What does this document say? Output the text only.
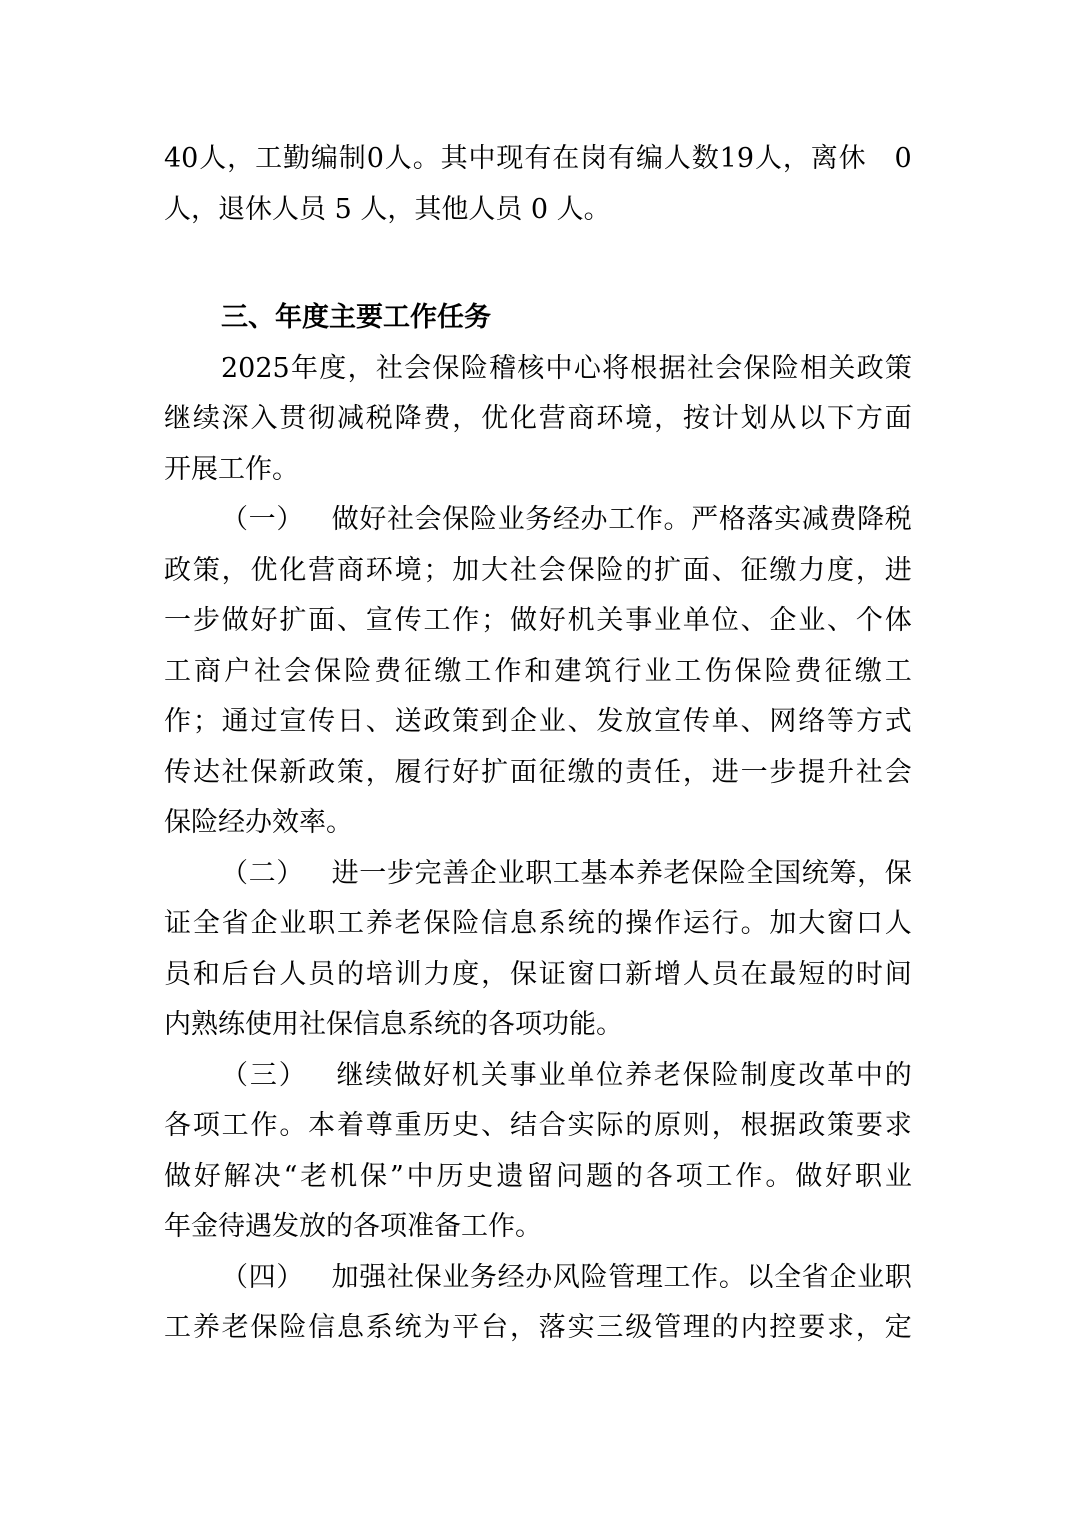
40 人 ， 工 勤 编 制 0 人 。 其 中 现 有 在 岗 有 编 人 数 19 人 ， 离 休
　 0
人，退休人员 5 人，其他人员 0 人。
三、年度主要工作任务
2025 年 度 ， 社 会 保 险 稽 核 中 心 将 根 据 社 会 保 险 相 关 政 策
继 续 深 入 贯 彻 减 税 降 费 ， 优 化 营 商 环 境 ， 按 计 划 从 以 下 方 面
开展工作。
（ 一 ）
　 做 好 社 会 保 险 业 务 经 办 工 作 。 严 格 落 实 减 费 降 税
政 策 ， 优 化 营 商 环 境 ； 加 大 社 会 保 险 的 扩 面 、 征 缴 力 度 ， 进
一 步 做 好 扩 面 、 宣 传 工 作 ； 做 好 机 关 事 业 单 位 、 企 业 、 个 体
工 商 户 社 会 保 险 费 征 缴 工 作 和 建 筑 行 业 工 伤 保 险 费 征 缴 工
作 ； 通 过 宣 传 日 、 送 政 策 到 企 业 、 发 放 宣 传 单 、 网 络 等 方 式
传 达 社 保 新 政 策 ， 履 行 好 扩 面 征 缴 的 责 任 ， 进 一 步 提 升 社 会
保险经办效率。
（ 二 ）
　 进 一 步 完 善 企 业 职 工 基 本 养 老 保 险 全 国 统 筹 ， 保
证 全 省 企 业 职 工 养 老 保 险 信 息 系 统 的 操 作 运 行 。 加 大 窗 口 人
员 和 后 台 人 员 的 培 训 力 度 ， 保 证 窗 口 新 增 人 员 在 最 短 的 时 间
内熟练使用社保信息系统的各项功能。
（ 三 ）
　 继 续 做 好 机 关 事 业 单 位 养 老 保 险 制 度 改 革 中 的
各 项 工 作 。 本 着 尊 重 历 史 、 结 合 实 际 的 原 则 ， 根 据 政 策 要 求
做 好 解 决 “ 老 机 保 ” 中 历 史 遗 留 问 题 的 各 项 工 作 。 做 好 职 业
年金待遇发放的各项准备工作。
（ 四 ）
　 加 强 社 保 业 务 经 办 风 险 管 理 工 作 。 以 全 省 企 业 职
工 养 老 保 险 信 息 系 统 为 平 台 ， 落 实 三 级 管 理 的 内 控 要 求 ， 定
